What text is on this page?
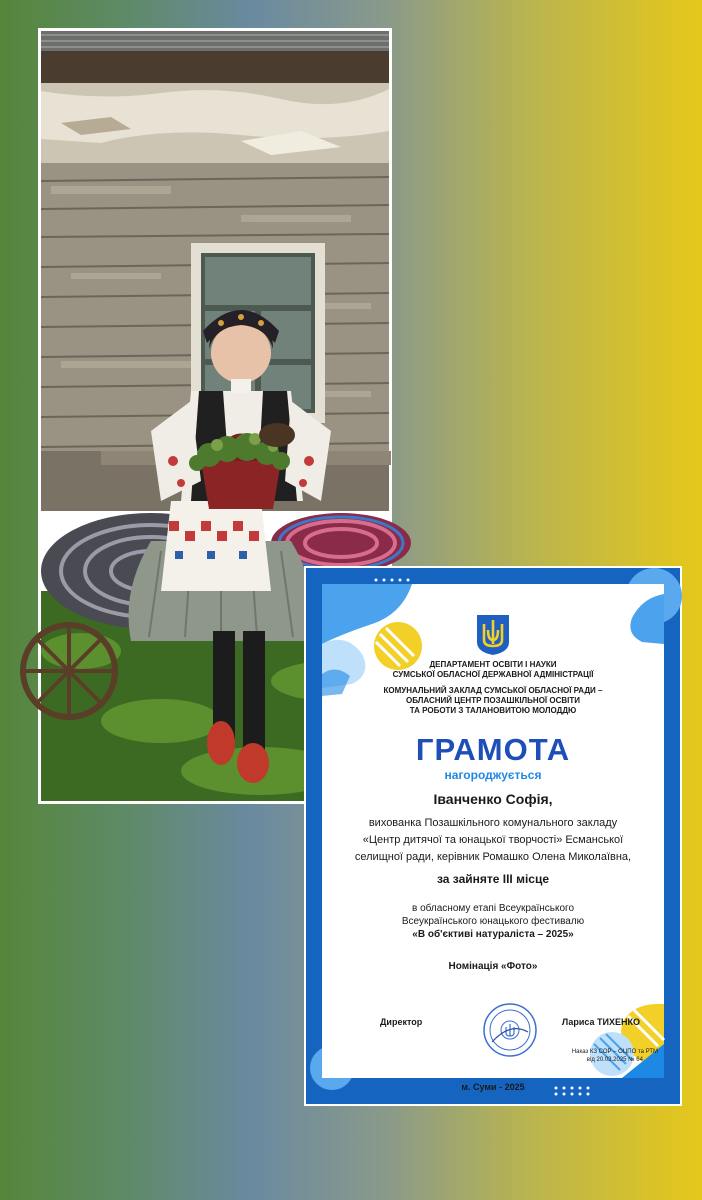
ДЕПАРТАМЕНТ ОСВІТИ І НАУКИ
СУМСЬКОЇ ОБЛАСНОЇ ДЕРЖАВНОЇ АДМІНІСТРАЦІЇ
КОМУНАЛЬНИЙ ЗАКЛАД СУМСЬКОЇ ОБЛАСНОЇ РАДИ –
ОБЛАСНИЙ ЦЕНТР ПОЗАШКІЛЬНОЇ ОСВІТИ
ТА РОБОТИ З ТАЛАНОВИТОЮ МОЛОДДЮ
ГРАМОТА
нагороджується
Іванченко Софія,
вихованка Позашкільного комунального закладу
«Центр дитячої та юнацької творчості» Есманської
селищної ради, керівник Ромашко Олена Миколаївна,
за зайняте ІІІ місце
в обласному етапі Всеукраїнського
Всеукраїнського юнацького фестивалю
«В об'єктиві натураліста – 2025»
Номінація «Фото»
Директор	Лариса ТИХЕНКО
м. Суми - 2025
Наказ КЗ СОР – ОЦПО та РТМ
від 20.03.2025 № 64
